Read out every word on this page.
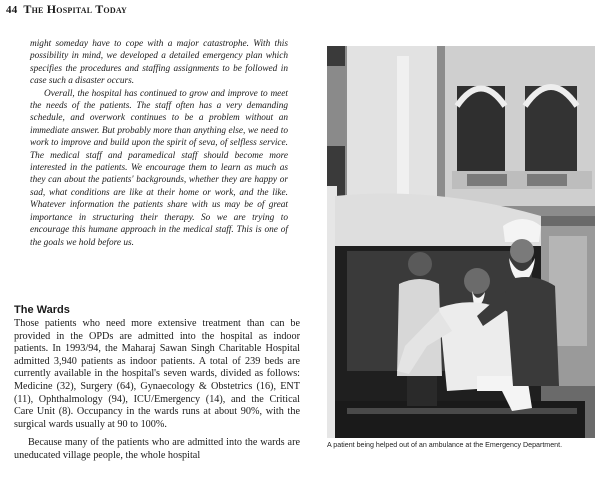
44 The Hospital Today

might someday have to cope with a major catastrophe. With this possibility in mind, we developed a detailed emergency plan which specifies the procedures and staffing assignments to be followed in case such a disaster occurs.

Overall, the hospital has continued to grow and improve to meet the needs of the patients. The staff often has a very demanding schedule, and overwork continues to be a problem without an immediate answer. But probably more than anything else, we need to work to improve and build upon the spirit of seva, of selfless service. The medical staff and paramedical staff should become more interested in the patients. We encourage them to learn as much as they can about the patients' backgrounds, whether they are happy or sad, what conditions are like at their home or work, and the like. Whatever information the patients share with us may be of great importance in structuring their therapy. So we are trying to encourage this humane approach in the medical staff. This is one of the goals we hold before us.

The Wards

Those patients who need more extensive treatment than can be provided in the OPDs are admitted into the hospital as indoor patients. In 1993/94, the Maharaj Sawan Singh Charitable Hospital admitted 3,940 patients as indoor patients. A total of 239 beds are currently available in the hospital's seven wards, divided as follows: Medicine (32), Surgery (64), Gynaecology & Obstetrics (16), ENT (11), Ophthalmology (94), ICU/Emergency (14), and the Critical Care Unit (8). Occupancy in the wards runs at about 90%, with the surgical wards usually at 90 to 100%.

Because many of the patients who are admitted into the wards are uneducated village people, the whole hospital

A patient being helped out of an ambulance at the Emergency Department.
